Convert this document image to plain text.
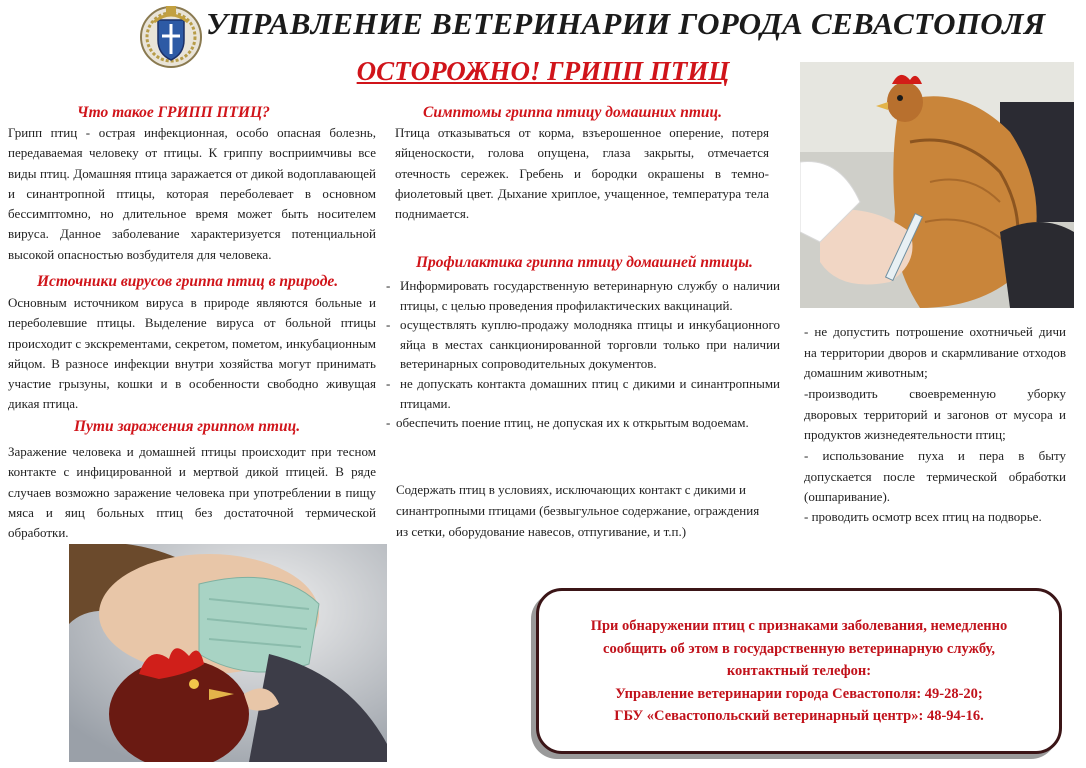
УПРАВЛЕНИЕ ВЕТЕРИНАРИИ ГОРОДА СЕВАСТОПОЛЯ
ОСТОРОЖНО! ГРИПП ПТИЦ
Что такое ГРИПП ПТИЦ?
Грипп птиц - острая инфекционная, особо опасная болезнь, передаваемая человеку от птицы. К гриппу восприимчивы все виды птиц. Домашняя птица заражается от дикой водоплавающей и синантропной птицы, которая переболевает в основном бессимптомно, но длительное время может быть носителем вируса. Данное заболевание характеризуется потенциальной высокой опасностью возбудителя для человека.
Источники вирусов гриппа птиц в природе.
Основным источником вируса в природе являются больные и переболевшие птицы. Выделение вируса от больной птицы происходит с экскрементами, секретом, пометом, инкубационным яйцом. В разносе инфекции внутри хозяйства могут принимать участие грызуны, кошки и в особенности свободно живущая дикая птица.
Пути заражения гриппом птиц.
Заражение человека и домашней птицы происходит при тесном контакте с инфицированной и мертвой дикой птицей. В ряде случаев возможно заражение человека при употреблении в пищу мяса и яиц больных птиц без достаточной термической обработки.
Симптомы гриппа птицу домашних птиц.
Птица отказываться от корма, взъерошенное оперение, потеря яйценоскости, голова опущена, глаза закрыты, отмечается отечность сережек. Гребень и бородки окрашены в темно-фиолетовый цвет. Дыхание хриплое, учащенное, температура тела поднимается.
Профилактика гриппа птицу домашней птицы.
- Информировать государственную ветеринарную службу о наличии птицы, с целью проведения профилактических вакцинаций.
- осуществлять куплю-продажу молодняка птицы и инкубационного яйца в местах санкционированной торговли только при наличии ветеринарных сопроводительных документов.
- не допускать контакта домашних птиц с дикими и синантропными птицами.
- обеспечить поение птиц, не допуская их к открытым водоемам.
Содержать птиц в условиях, исключающих контакт с дикими и
синантропными птицами (безвыгульное содержание, ограждения
из сетки, оборудование навесов, отпугивание, и т.п.)
- не допустить потрошение охотничьей дичи на территории дворов и скармливание отходов домашним животным;
-производить своевременную уборку дворовых территорий и загонов от мусора и продуктов жизнедеятельности птиц;
- использование пуха и пера в быту допускается после термической обработки (ошпаривание).
- проводить осмотр всех птиц на подворье.
При обнаружении птиц с признаками заболевания, немедленно
сообщить об этом в государственную ветеринарную службу,
контактный телефон:
Управление ветеринарии города Севастополя: 49-28-20;
ГБУ «Севастопольский ветеринарный центр»: 48-94-16.
